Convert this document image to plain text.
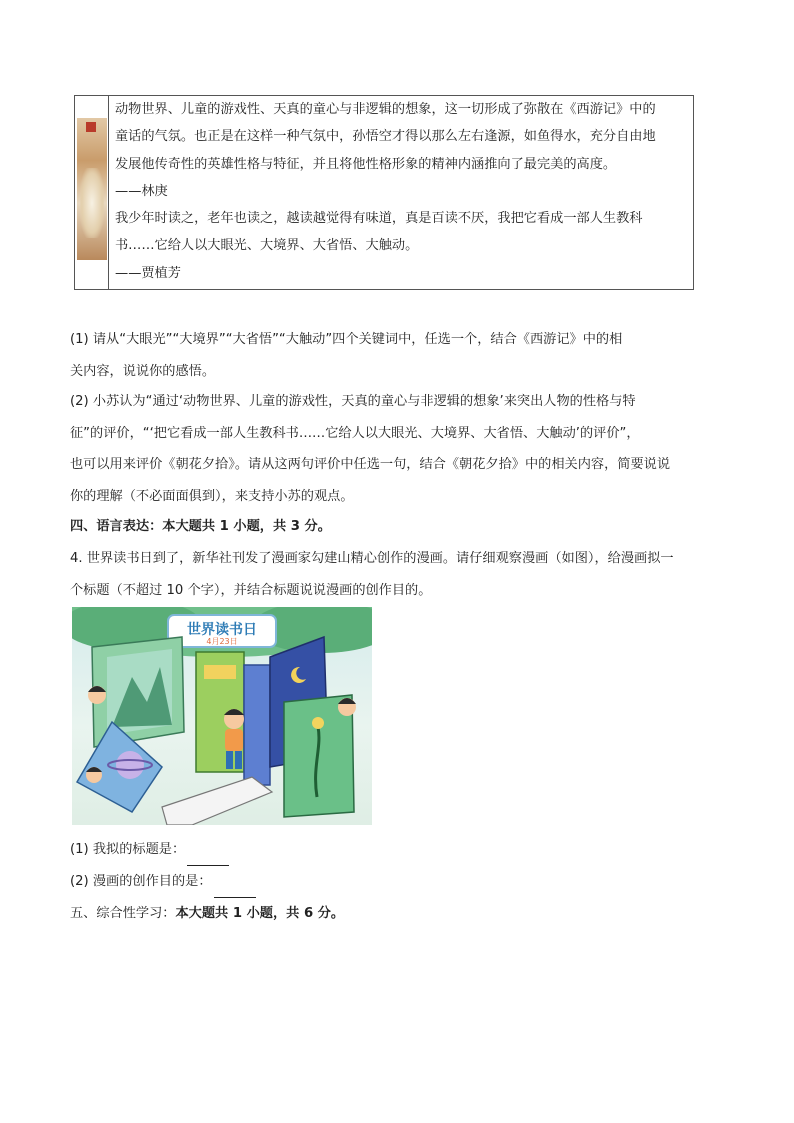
动物世界、儿童的游戏性、天真的童心与非逻辑的想象，这一切形成了弥散在《西游记》中的
童话的气氛。也正是在这样一种气氛中，孙悟空才得以那么左右逢源，如鱼得水，充分自由地
发展他传奇性的英雄性格与特征，并且将他性格形象的精神内涵推向了最完美的高度。
——林庚
我少年时读之，老年也读之，越读越觉得有味道，真是百读不厌，我把它看成一部人生教科
书……它给人以大眼光、大境界、大省悟、大触动。
——贾植芳
(1) 请从“大眼光”“大境界”“大省悟”“大触动”四个关键词中，任选一个，结合《西游记》中的相
关内容，说说你的感悟。
(2) 小苏认为“通过‘动物世界、儿童的游戏性，天真的童心与非逻辑的想象’来突出人物的性格与特
征”的评价，“‘把它看成一部人生教科书……它给人以大眼光、大境界、大省悟、大触动’的评价”，
也可以用来评价《朝花夕拾》。请从这两句评价中任选一句，结合《朝花夕拾》中的相关内容，简要说说
你的理解（不必面面俱到），来支持小苏的观点。
四、语言表达：本大题共 1 小题，共 3 分。
4. 世界读书日到了，新华社刊发了漫画家勾建山精心创作的漫画。请仔细观察漫画（如图），给漫画拟一
个标题（不超过 10 个字），并结合标题说说漫画的创作目的。
世界读书日
4月23日
(1) 我拟的标题是：
(2) 漫画的创作目的是：
五、综合性学习：本大题共 1 小题，共 6 分。
